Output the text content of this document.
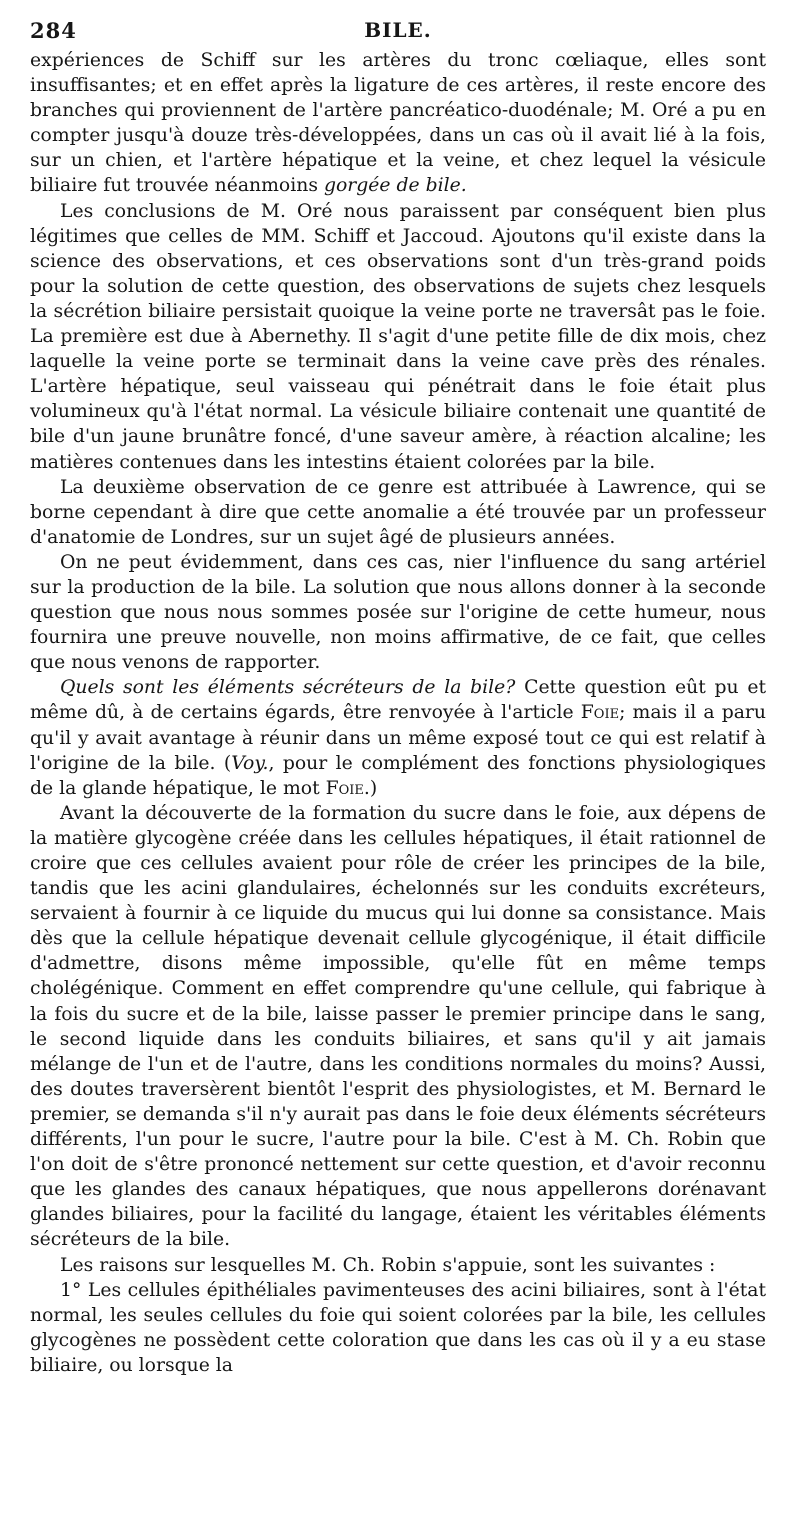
284	BILE.

expériences de Schiff sur les artères du tronc cœliaque, elles sont insuffisantes; et en effet après la ligature de ces artères, il reste encore des branches qui proviennent de l'artère pancréatico-duodénale; M. Oré a pu en compter jusqu'à douze très-développées, dans un cas où il avait lié à la fois, sur un chien, et l'artère hépatique et la veine, et chez lequel la vésicule biliaire fut trouvée néanmoins gorgée de bile.

Les conclusions de M. Oré nous paraissent par conséquent bien plus légitimes que celles de MM. Schiff et Jaccoud. Ajoutons qu'il existe dans la science des observations, et ces observations sont d'un très-grand poids pour la solution de cette question, des observations de sujets chez lesquels la sécrétion biliaire persistait quoique la veine porte ne traversât pas le foie. La première est due à Abernethy. Il s'agit d'une petite fille de dix mois, chez laquelle la veine porte se terminait dans la veine cave près des rénales. L'artère hépatique, seul vaisseau qui pénétrait dans le foie était plus volumineux qu'à l'état normal. La vésicule biliaire contenait une quantité de bile d'un jaune brunâtre foncé, d'une saveur amère, à réaction alcaline; les matières contenues dans les intestins étaient colorées par la bile.

La deuxième observation de ce genre est attribuée à Lawrence, qui se borne cependant à dire que cette anomalie a été trouvée par un professeur d'anatomie de Londres, sur un sujet âgé de plusieurs années.

On ne peut évidemment, dans ces cas, nier l'influence du sang artériel sur la production de la bile. La solution que nous allons donner à la seconde question que nous nous sommes posée sur l'origine de cette humeur, nous fournira une preuve nouvelle, non moins affirmative, de ce fait, que celles que nous venons de rapporter.

Quels sont les éléments sécréteurs de la bile? Cette question eût pu et même dû, à de certains égards, être renvoyée à l'article Foie; mais il a paru qu'il y avait avantage à réunir dans un même exposé tout ce qui est relatif à l'origine de la bile. (Voy., pour le complément des fonctions physiologiques de la glande hépatique, le mot Foie.)

Avant la découverte de la formation du sucre dans le foie, aux dépens de la matière glycogène créée dans les cellules hépatiques, il était rationnel de croire que ces cellules avaient pour rôle de créer les principes de la bile, tandis que les acini glandulaires, échelonnés sur les conduits excréteurs, servaient à fournir à ce liquide du mucus qui lui donne sa consistance. Mais dès que la cellule hépatique devenait cellule glycogénique, il était difficile d'admettre, disons même impossible, qu'elle fût en même temps cholégénique. Comment en effet comprendre qu'une cellule, qui fabrique à la fois du sucre et de la bile, laisse passer le premier principe dans le sang, le second liquide dans les conduits biliaires, et sans qu'il y ait jamais mélange de l'un et de l'autre, dans les conditions normales du moins? Aussi, des doutes traversèrent bientôt l'esprit des physiologistes, et M. Bernard le premier, se demanda s'il n'y aurait pas dans le foie deux éléments sécréteurs différents, l'un pour le sucre, l'autre pour la bile. C'est à M. Ch. Robin que l'on doit de s'être prononcé nettement sur cette question, et d'avoir reconnu que les glandes des canaux hépatiques, que nous appellerons dorénavant glandes biliaires, pour la facilité du langage, étaient les véritables éléments sécréteurs de la bile.

Les raisons sur lesquelles M. Ch. Robin s'appuie, sont les suivantes :

1° Les cellules épithéliales pavimenteuses des acini biliaires, sont à l'état normal, les seules cellules du foie qui soient colorées par la bile, les cellules glycogènes ne possèdent cette coloration que dans les cas où il y a eu stase biliaire, ou lorsque la
